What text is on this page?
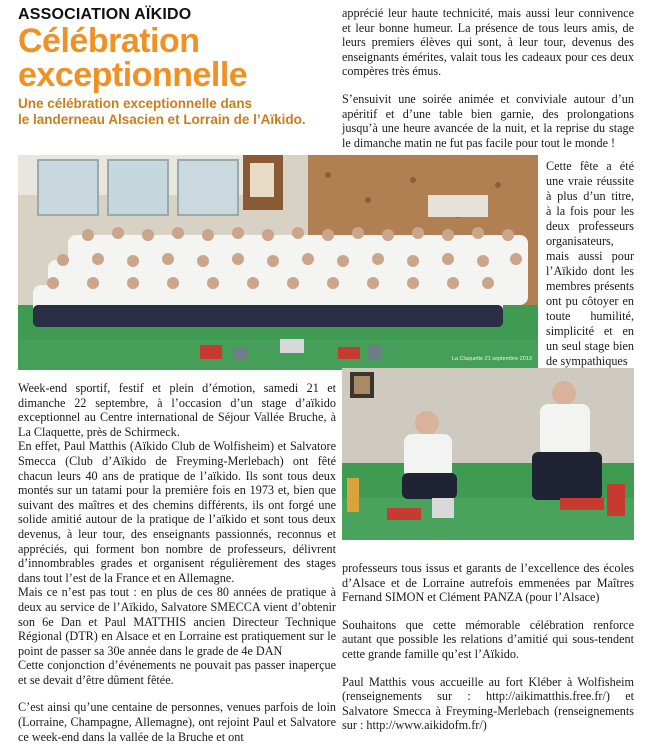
ASSOCIATION AÏKIDO
Célébration
exceptionnelle
Une célébration exceptionnelle dans
le landerneau Alsacien et Lorrain de l’Aïkido.

apprécié leur haute technicité, mais aussi leur connivence et leur bonne humeur. La présence de tous leurs amis, de leurs premiers élèves qui sont, à leur tour, devenus des enseignants émérites, valait tous les cadeaux pour ces deux compères très émus.

S’ensuivit une soirée animée et conviviale autour d’un apéritif et d’une table bien garnie, des prolongations jusqu’à une heure avancée de la nuit, et la reprise du stage le dimanche matin ne fut pas facile pour tout le monde !

La Claquette 21 septembre 2013
Cette fête a été une vraie réussite à plus d’un titre, à la fois pour les deux professeurs organisateurs, mais aussi pour l’Aïkido dont les membres présents ont pu côtoyer en toute humilité, simplicité et en un seul stage bien de sympathiques

Week-end sportif, festif et plein d’émotion, samedi 21 et dimanche 22 septembre, à l’occasion d’un stage d’aïkido exceptionnel au Centre international de Séjour Vallée Bruche, à La Claquette, près de Schirmeck.

En effet, Paul Matthis (Aïkido Club de Wolfisheim) et Salvatore Smecca (Club d’Aïkido de Freyming-Merlebach) ont fêté chacun leurs 40 ans de pratique de l’aïkido. Ils sont tous deux montés sur un tatami pour la première fois en 1973 et, bien que suivant des maîtres et des chemins différents, ils ont forgé une solide amitié autour de la pratique de l’aïkido et sont tous deux devenus, à leur tour, des enseignants passionnés, reconnus et appréciés, qui forment bon nombre de professeurs, délivrent d’innombrables grades et organisent régulièrement des stages dans tout l’est de la France et en Allemagne.

Mais ce n’est pas tout : en plus de ces 80 années de pratique à deux au service de l’Aïkido, Salvatore SMECCA vient d’obtenir son 6e Dan et Paul MATTHIS ancien Directeur Technique Régional (DTR) en Alsace et en Lorraine est pratiquement sur le point de passer sa 30e année dans le grade de 4e DAN

Cette conjonction d’événements ne pouvait pas passer inaperçue et se devait d’être dûment fêtée.

C’est ainsi qu’une centaine de personnes, venues parfois de loin (Lorraine, Champagne, Allemagne), ont rejoint Paul et Salvatore ce week-end dans la vallée de la Bruche et ont

professeurs tous issus et garants de l’excellence des écoles d’Alsace et de Lorraine autrefois emmenées par Maîtres Fernand SIMON et Clément PANZA (pour l’Alsace)

Souhaitons que cette mémorable célébration renforce autant que possible les relations d’amitié qui sous-tendent cette grande famille qu’est l’Aïkido.

Paul Matthis vous accueille au fort Kléber à Wolfisheim (renseignements sur : http://aikimatthis.free.fr/) et Salvatore Smecca à Freyming-Merlebach (renseignements sur : http://www.aikidofm.fr/)
